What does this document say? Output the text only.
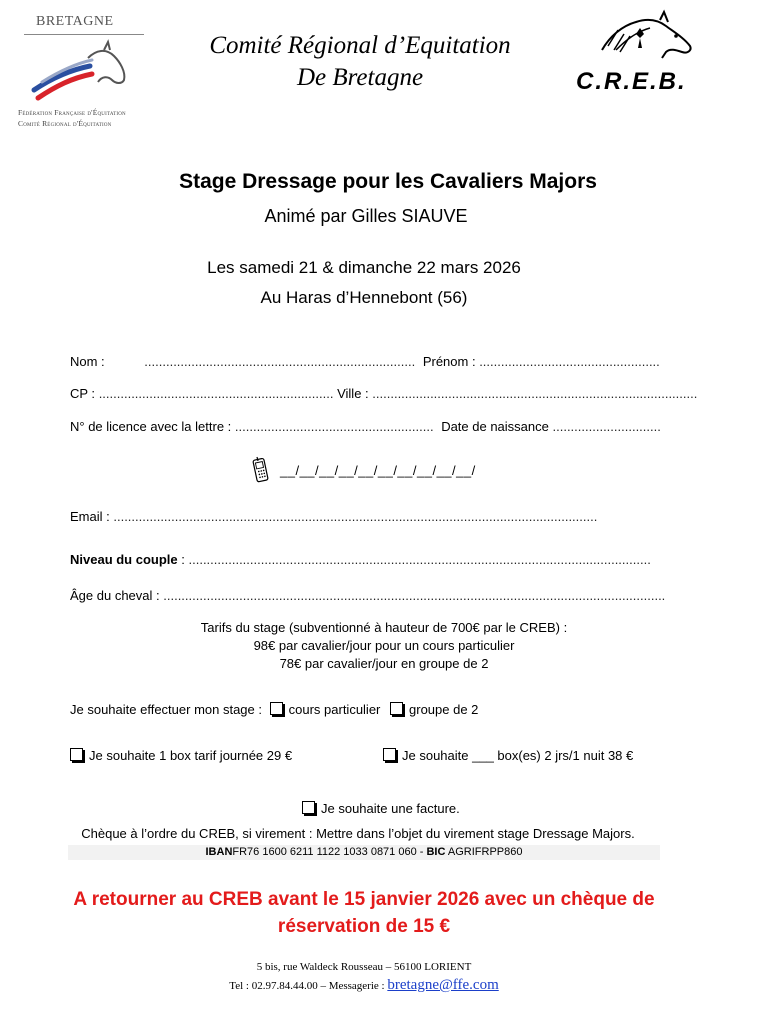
BRETAGNE
Fédération Française d'Équitation
Comité Régional d'Équitation
Comité Régional d’Equitation
De Bretagne	C.R.E.B.
Stage Dressage pour les Cavaliers Majors
Animé par Gilles SIAUVE
Les samedi 21 & dimanche 22 mars 2026
Au Haras d’Hennebont (56)
Nom :	........................................................................... Prénom : ..................................................
CP : ................................................................. Ville : ..........................................................................................
N° de licence avec la lettre : ....................................................... Date de naissance ..............................
__/__/__/__/__/__/__/__/__/__/
Email : ......................................................................................................................................
Niveau du couple : ................................................................................................................................
Âge du cheval : ...........................................................................................................................................
Tarifs du stage (subventionné à hauteur de 700€ par le CREB) :
98€ par cavalier/jour pour un cours particulier
78€ par cavalier/jour en groupe de 2
Je souhaite effectuer mon stage : cours particulier groupe de 2
Je souhaite 1 box tarif journée 29 €	Je souhaite ___ box(es) 2 jrs/1 nuit 38 €
Je souhaite une facture.
Chèque à l’ordre du CREB, si virement : Mettre dans l’objet du virement stage Dressage Majors.
IBANFR76 1600 6211 1122 1033 0871 060 - BIC AGRIFRPP860
A retourner au CREB avant le 15 janvier 2026 avec un chèque de
réservation de 15 €
5 bis, rue Waldeck Rousseau – 56100 LORIENT
Tel : 02.97.84.44.00 – Messagerie : bretagne@ffe.com
